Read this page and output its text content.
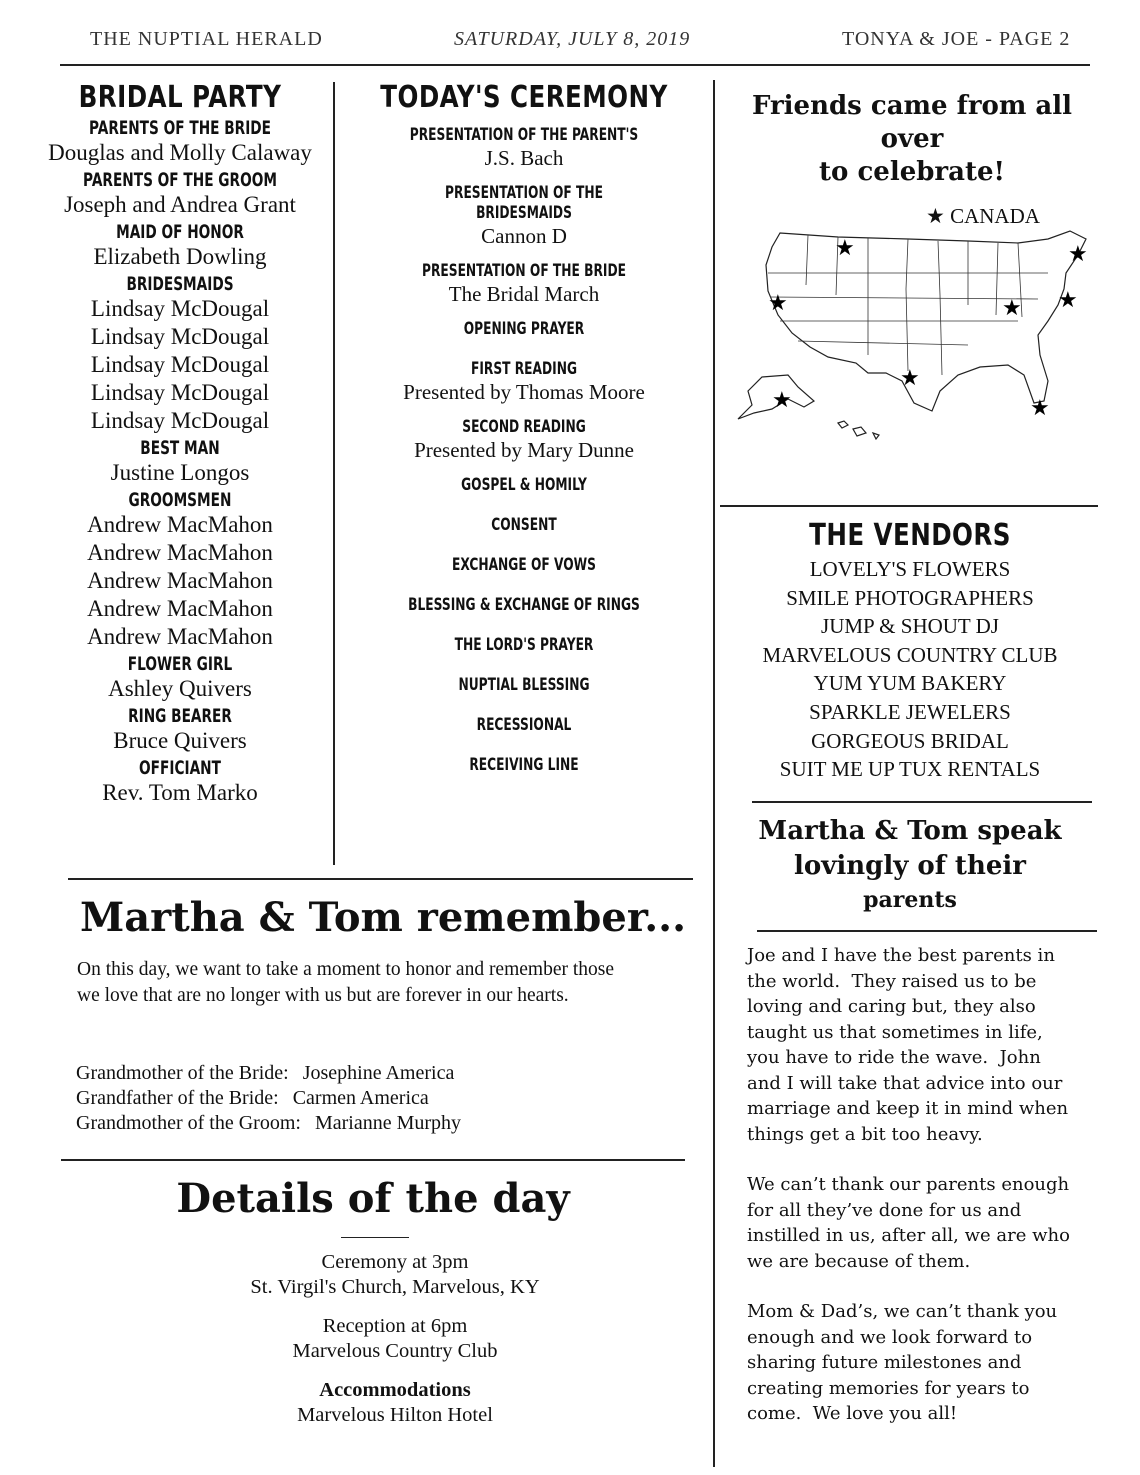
THE NUPTIAL HERALD	SATURDAY, JULY 8, 2019	TONYA & JOE - PAGE 2
BRIDAL PARTY
PARENTS OF THE BRIDE
Douglas and Molly Calaway
PARENTS OF THE GROOM
Joseph and Andrea Grant
MAID OF HONOR
Elizabeth Dowling
BRIDESMAIDS
Lindsay McDougal
Lindsay McDougal
Lindsay McDougal
Lindsay McDougal
Lindsay McDougal
BEST MAN
Justine Longos
GROOMSMEN
Andrew MacMahon
Andrew MacMahon
Andrew MacMahon
Andrew MacMahon
Andrew MacMahon
FLOWER GIRL
Ashley Quivers
RING BEARER
Bruce Quivers
OFFICIANT
Rev. Tom Marko
TODAY'S CEREMONY
PRESENTATION OF THE PARENT'S
J.S. Bach
PRESENTATION OF THE BRIDESMAIDS
Cannon D
PRESENTATION OF THE BRIDE
The Bridal March
OPENING PRAYER
FIRST READING
Presented by Thomas Moore
SECOND READING
Presented by Mary Dunne
GOSPEL & HOMILY
CONSENT
EXCHANGE OF VOWS
BLESSING & EXCHANGE OF RINGS
THE LORD'S PRAYER
NUPTIAL BLESSING
RECESSIONAL
RECEIVING LINE
Friends came from all over
to celebrate!
★ CANADA
★	★
★	★ ★
★
★
★
THE VENDORS
LOVELY'S FLOWERS
SMILE PHOTOGRAPHERS
JUMP & SHOUT DJ
MARVELOUS COUNTRY CLUB
YUM YUM BAKERY
SPARKLE JEWELERS
GORGEOUS BRIDAL
SUIT ME UP TUX RENTALS
Martha & Tom speak
lovingly of their
parents
Joe and I have the best parents in
the world.  They raised us to be
loving and caring but, they also
taught us that sometimes in life,
you have to ride the wave.  John
and I will take that advice into our
marriage and keep it in mind when
things get a bit too heavy.
We can’t thank our parents enough
for all they’ve done for us and
instilled in us, after all, we are who
we are because of them.
Mom & Dad’s, we can’t thank you
enough and we look forward to
sharing future milestones and
creating memories for years to
come.  We love you all!
Martha & Tom remember...
On this day, we want to take a moment to honor and remember those
we love that are no longer with us but are forever in our hearts.
Grandmother of the Bride: Josephine America
Grandfather of the Bride: Carmen America
Grandmother of the Groom: Marianne Murphy
Details of the day
Ceremony at 3pm
St. Virgil's Church, Marvelous, KY
Reception at 6pm
Marvelous Country Club
Accommodations
Marvelous Hilton Hotel
